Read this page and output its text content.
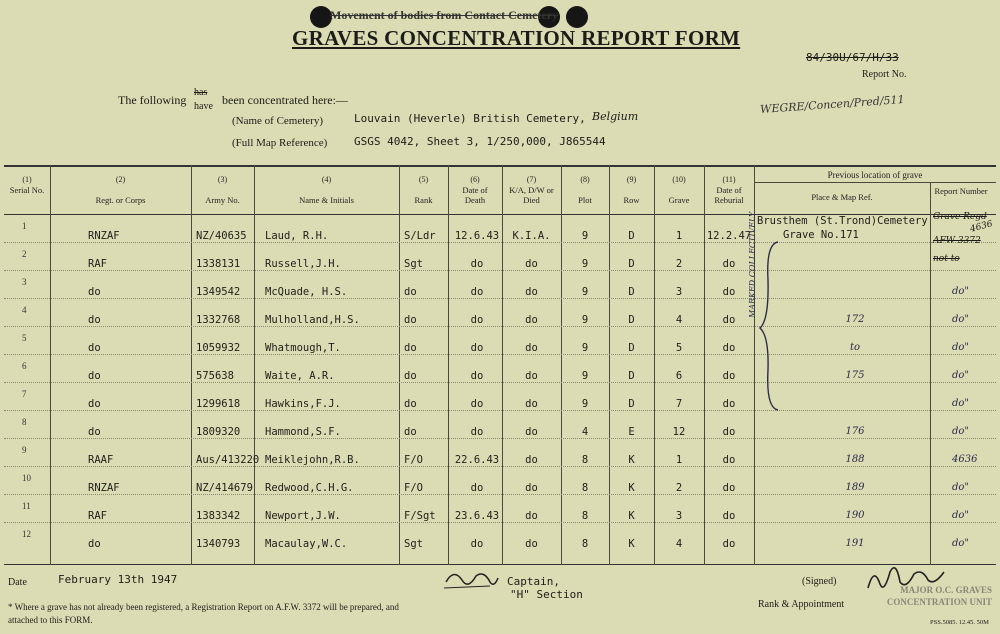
Movement of bodies from Contact Cemetery
GRAVES CONCENTRATION REPORT FORM
84/30U/67/H/33
Report No.
The following
has
have been concentrated here:—
(Name of Cemetery)	Louvain (Heverle) British Cemetery, Belgium
(Full Map Reference) GSGS 4042, Sheet 3, 1/250,000, J865544
WEGRE/Concen/Pred/511
(1)
Serial No.
(2)
Regt. or Corps
(3)
Army No.
(4)
Name & Initials
(5)
Rank
(6)
Date of Death
(7)
K/A, D/W or Died
(8)
Plot
(9)
Row
(10)
Grave
(11)
Date of Reburial
Previous location of grave
Place & Map Ref.
Report Number
1
RNZAF	NZ/40635 Laud, R.H.	S/Ldr 12.6.43	K.I.A.	9	D	1	12.2.47
2
RAF	1338131 Russell,J.H.	Sgt	do	do	9	D	2	do
3
do	1349542 McQuade, H.S.	do	do	do	9	D	3	do	do"
4
do	1332768 Mulholland,H.S.	do	do	do	9	D	4	do	172	do"
5
do	1059932 Whatmough,T.	do	do	do	9	D	5	do	to	do"
6
do	575638	Waite, A.R.	do	do	do	9	D	6	do	175	do"
7
do	1299618 Hawkins,F.J.	do	do	do	9	D	7	do	do"
8
do	1809320 Hammond,S.F.	do	do	do	4	E	12	do	176	do"
9
RAAF	Aus/413220 Meiklejohn,R.B.	F/O	22.6.43	do	8	K	1	do	188	4636
10
RNZAF	NZ/414679 Redwood,C.H.G.	F/O	do	do	8	K	2	do	189	do"
11
RAF	1383342 Newport,J.W.	F/Sgt 23.6.43	do	8	K	3	do	190	do"
12
do	1340793 Macaulay,W.C.	Sgt	do	do	8	K	4	do	191	do"
Brusthem (St.Trond)Cemetery
Grave No.171
MARKED COLLECTIVELY	Grave Regd
AFW 3372
not to
4636
Date	February 13th 1947	Captain,
"H" Section
(Signed)
Rank & Appointment
MAJOR O.C. GRAVES CONCENTRATION UNIT
* Where a grave has not already been registered, a Registration Report on A.F.W. 3372 will be prepared, and attached to this FORM.	PSS.5085. 12.45. 50M
